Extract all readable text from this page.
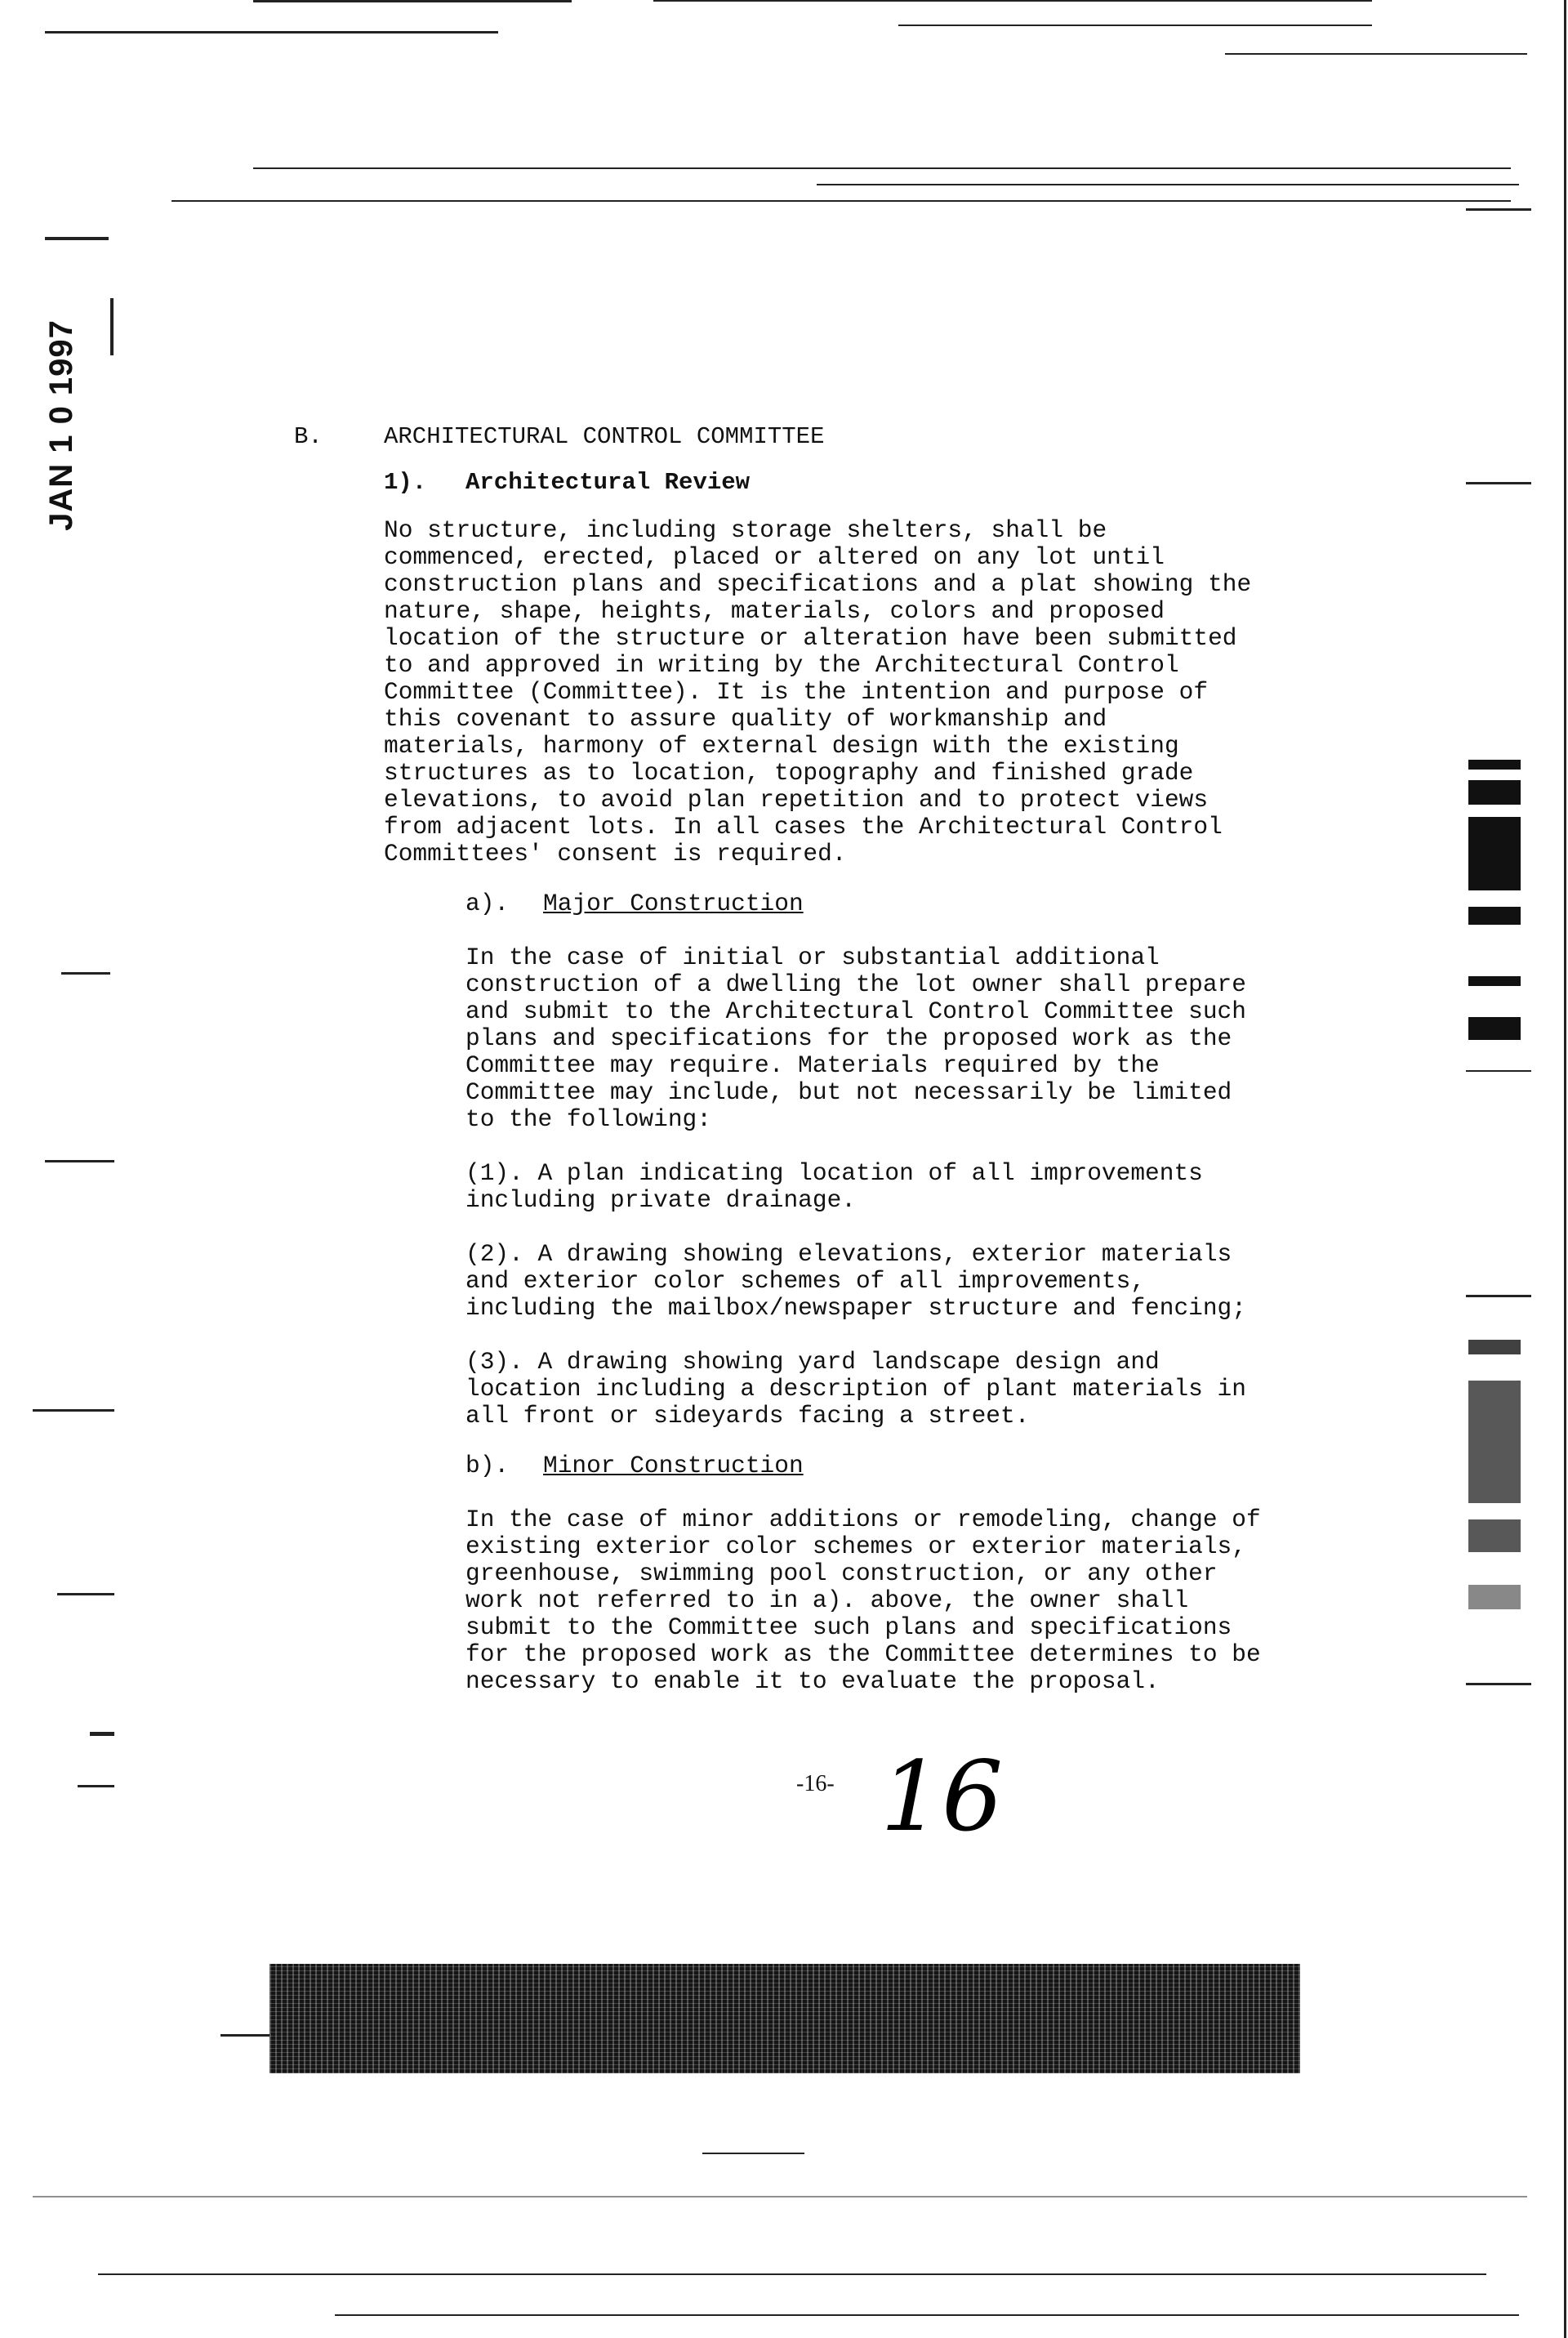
JAN 1 0 1997	B.	ARCHITECTURAL CONTROL COMMITTEE
1).	Architectural Review
No structure, including storage shelters, shall be
commenced, erected, placed or altered on any lot until
construction plans and specifications and a plat showing the
nature, shape, heights, materials, colors and proposed
location of the structure or alteration have been submitted
to and approved in writing by the Architectural Control
Committee (Committee). It is the intention and purpose of
this covenant to assure quality of workmanship and
materials, harmony of external design with the existing
structures as to location, topography and finished grade
elevations, to avoid plan repetition and to protect views
from adjacent lots. In all cases the Architectural Control
Committees' consent is required.
a).	Major Construction
In the case of initial or substantial additional
construction of a dwelling the lot owner shall prepare
and submit to the Architectural Control Committee such
plans and specifications for the proposed work as the
Committee may require. Materials required by the
Committee may include, but not necessarily be limited
to the following:
(1). A plan indicating location of all improvements
including private drainage.
(2). A drawing showing elevations, exterior materials
and exterior color schemes of all improvements,
including the mailbox/newspaper structure and fencing;
(3). A drawing showing yard landscape design and
location including a description of plant materials in
all front or sideyards facing a street.
b).	Minor Construction
In the case of minor additions or remodeling, change of
existing exterior color schemes or exterior materials,
greenhouse, swimming pool construction, or any other
work not referred to in a). above, the owner shall
submit to the Committee such plans and specifications
for the proposed work as the Committee determines to be
necessary to enable it to evaluate the proposal.
-16- 16
